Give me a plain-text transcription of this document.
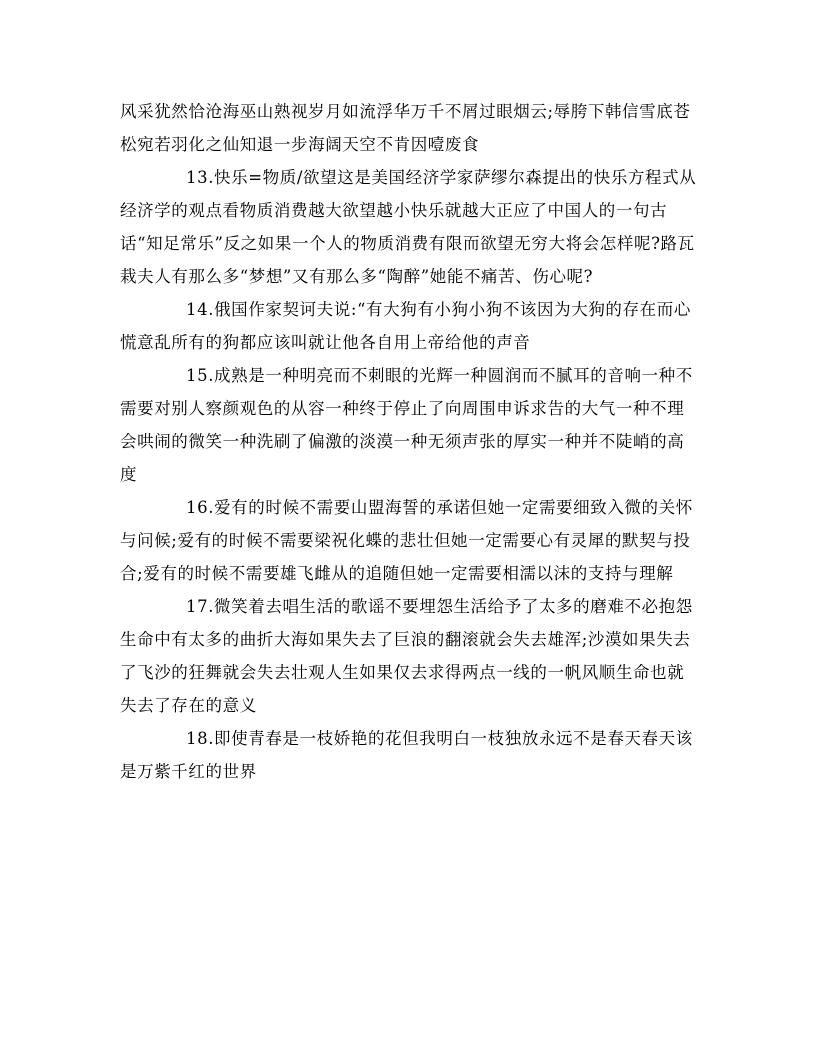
风采犹然恰沧海巫山熟视岁月如流浮华万千不屑过眼烟云;辱胯下韩信雪底苍松宛若羽化之仙知退一步海阔天空不肯因噎废食

13.快乐=物质/欲望这是美国经济学家萨缪尔森提出的快乐方程式从经济学的观点看物质消费越大欲望越小快乐就越大正应了中国人的一句古话“知足常乐”反之如果一个人的物质消费有限而欲望无穷大将会怎样呢?路瓦栽夫人有那么多“梦想”又有那么多“陶醉”她能不痛苦、伤心呢?

14.俄国作家契诃夫说:“有大狗有小狗小狗不该因为大狗的存在而心慌意乱所有的狗都应该叫就让他各自用上帝给他的声音

15.成熟是一种明亮而不刺眼的光辉一种圆润而不腻耳的音响一种不需要对别人察颜观色的从容一种终于停止了向周围申诉求告的大气一种不理会哄闹的微笑一种洗刷了偏激的淡漠一种无须声张的厚实一种并不陡峭的高度

16.爱有的时候不需要山盟海誓的承诺但她一定需要细致入微的关怀与问候;爱有的时候不需要梁祝化蝶的悲壮但她一定需要心有灵犀的默契与投合;爱有的时候不需要雄飞雌从的追随但她一定需要相濡以沫的支持与理解

17.微笑着去唱生活的歌谣不要埋怨生活给予了太多的磨难不必抱怨生命中有太多的曲折大海如果失去了巨浪的翻滚就会失去雄浑;沙漠如果失去了飞沙的狂舞就会失去壮观人生如果仅去求得两点一线的一帆风顺生命也就失去了存在的意义

18.即使青春是一枝娇艳的花但我明白一枝独放永远不是春天春天该是万紫千红的世界
